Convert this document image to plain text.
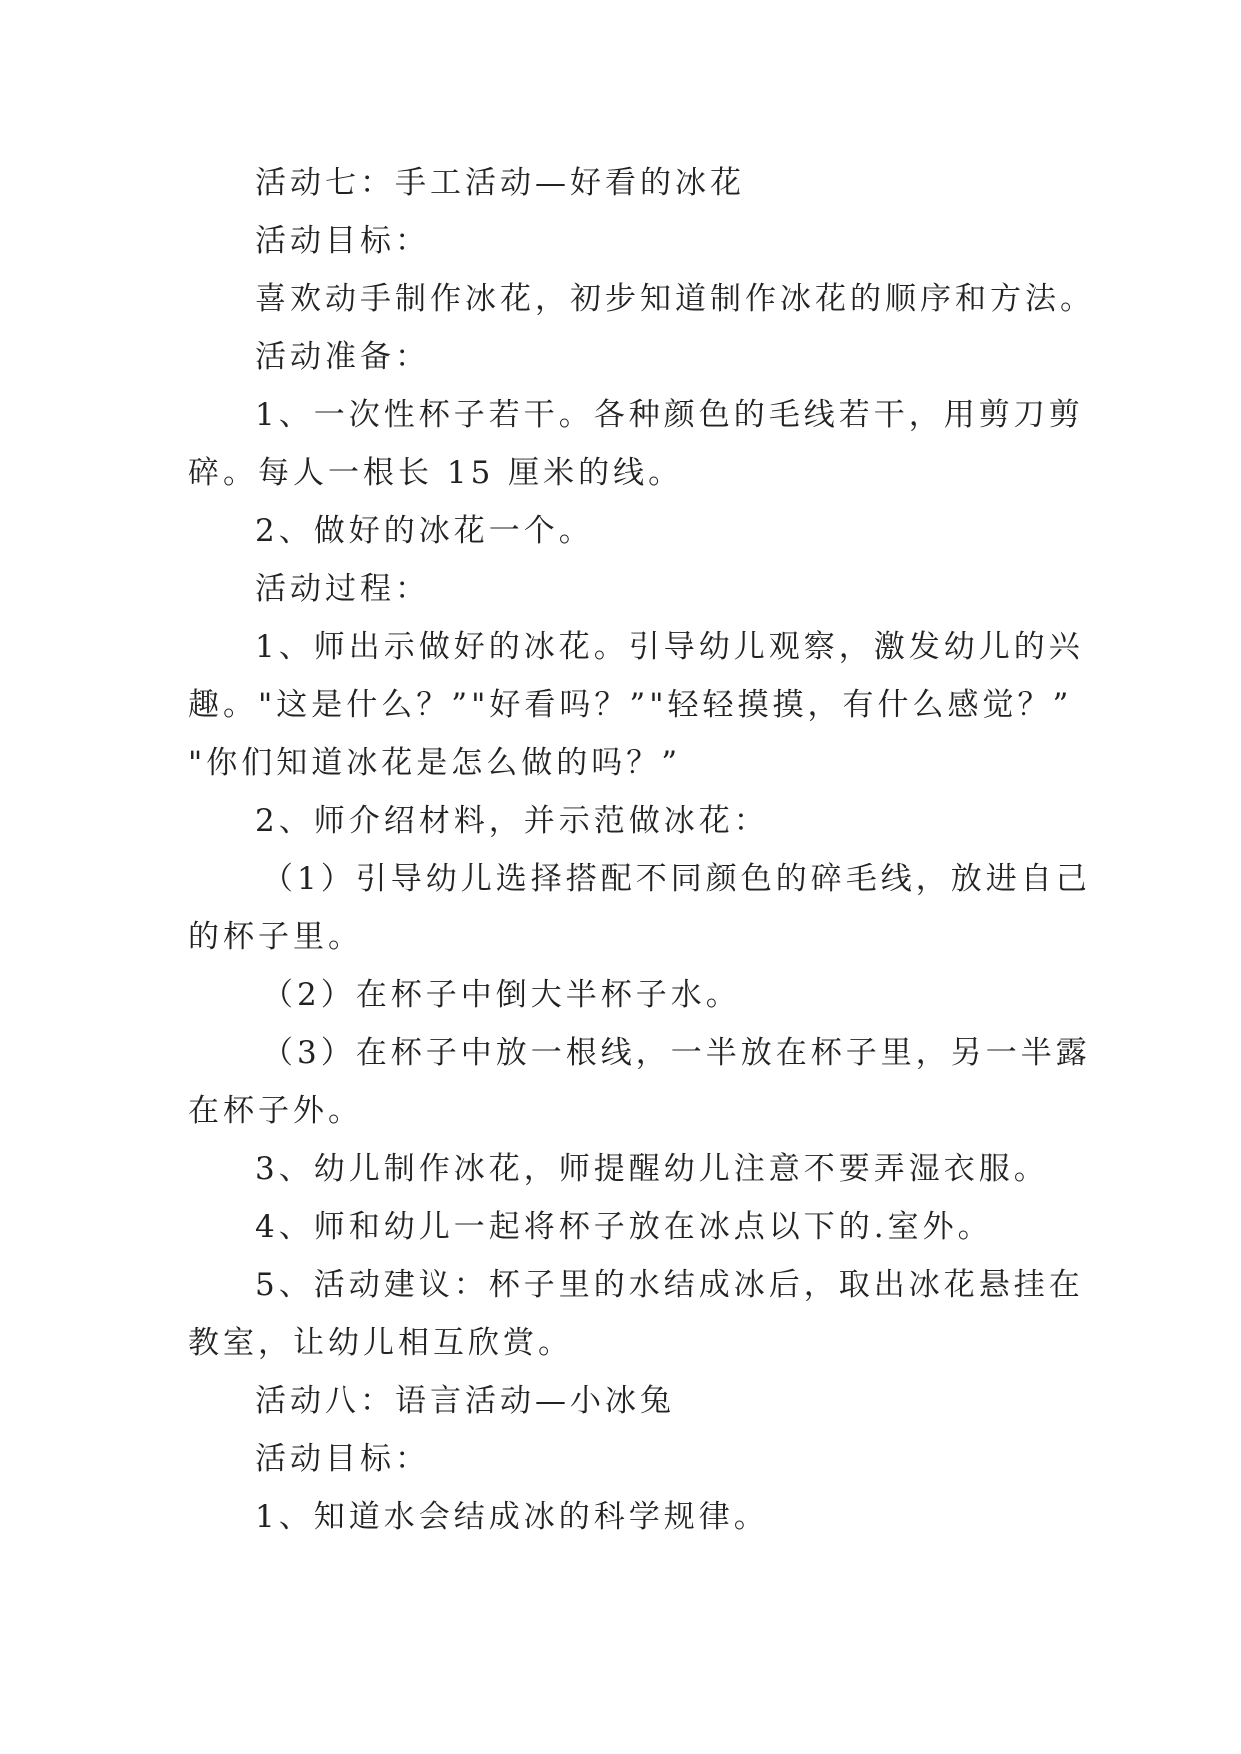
活动七：手工活动—好看的冰花
活动目标：
喜欢动手制作冰花，初步知道制作冰花的顺序和方法。
活动准备：
1、一次性杯子若干。各种颜色的毛线若干，用剪刀剪
碎。每人一根长 15 厘米的线。
2、做好的冰花一个。
活动过程：
1、师出示做好的冰花。引导幼儿观察，激发幼儿的兴
趣。"这是什么？”"好看吗？”"轻轻摸摸，有什么感觉？”
"你们知道冰花是怎么做的吗？”
2、师介绍材料，并示范做冰花：
（1）引导幼儿选择搭配不同颜色的碎毛线，放进自己
的杯子里。
（2）在杯子中倒大半杯子水。
（3）在杯子中放一根线，一半放在杯子里，另一半露
在杯子外。
3、幼儿制作冰花，师提醒幼儿注意不要弄湿衣服。
4、师和幼儿一起将杯子放在冰点以下的.室外。
5、活动建议：杯子里的水结成冰后，取出冰花悬挂在
教室，让幼儿相互欣赏。
活动八：语言活动—小冰兔
活动目标：
1、知道水会结成冰的科学规律。
